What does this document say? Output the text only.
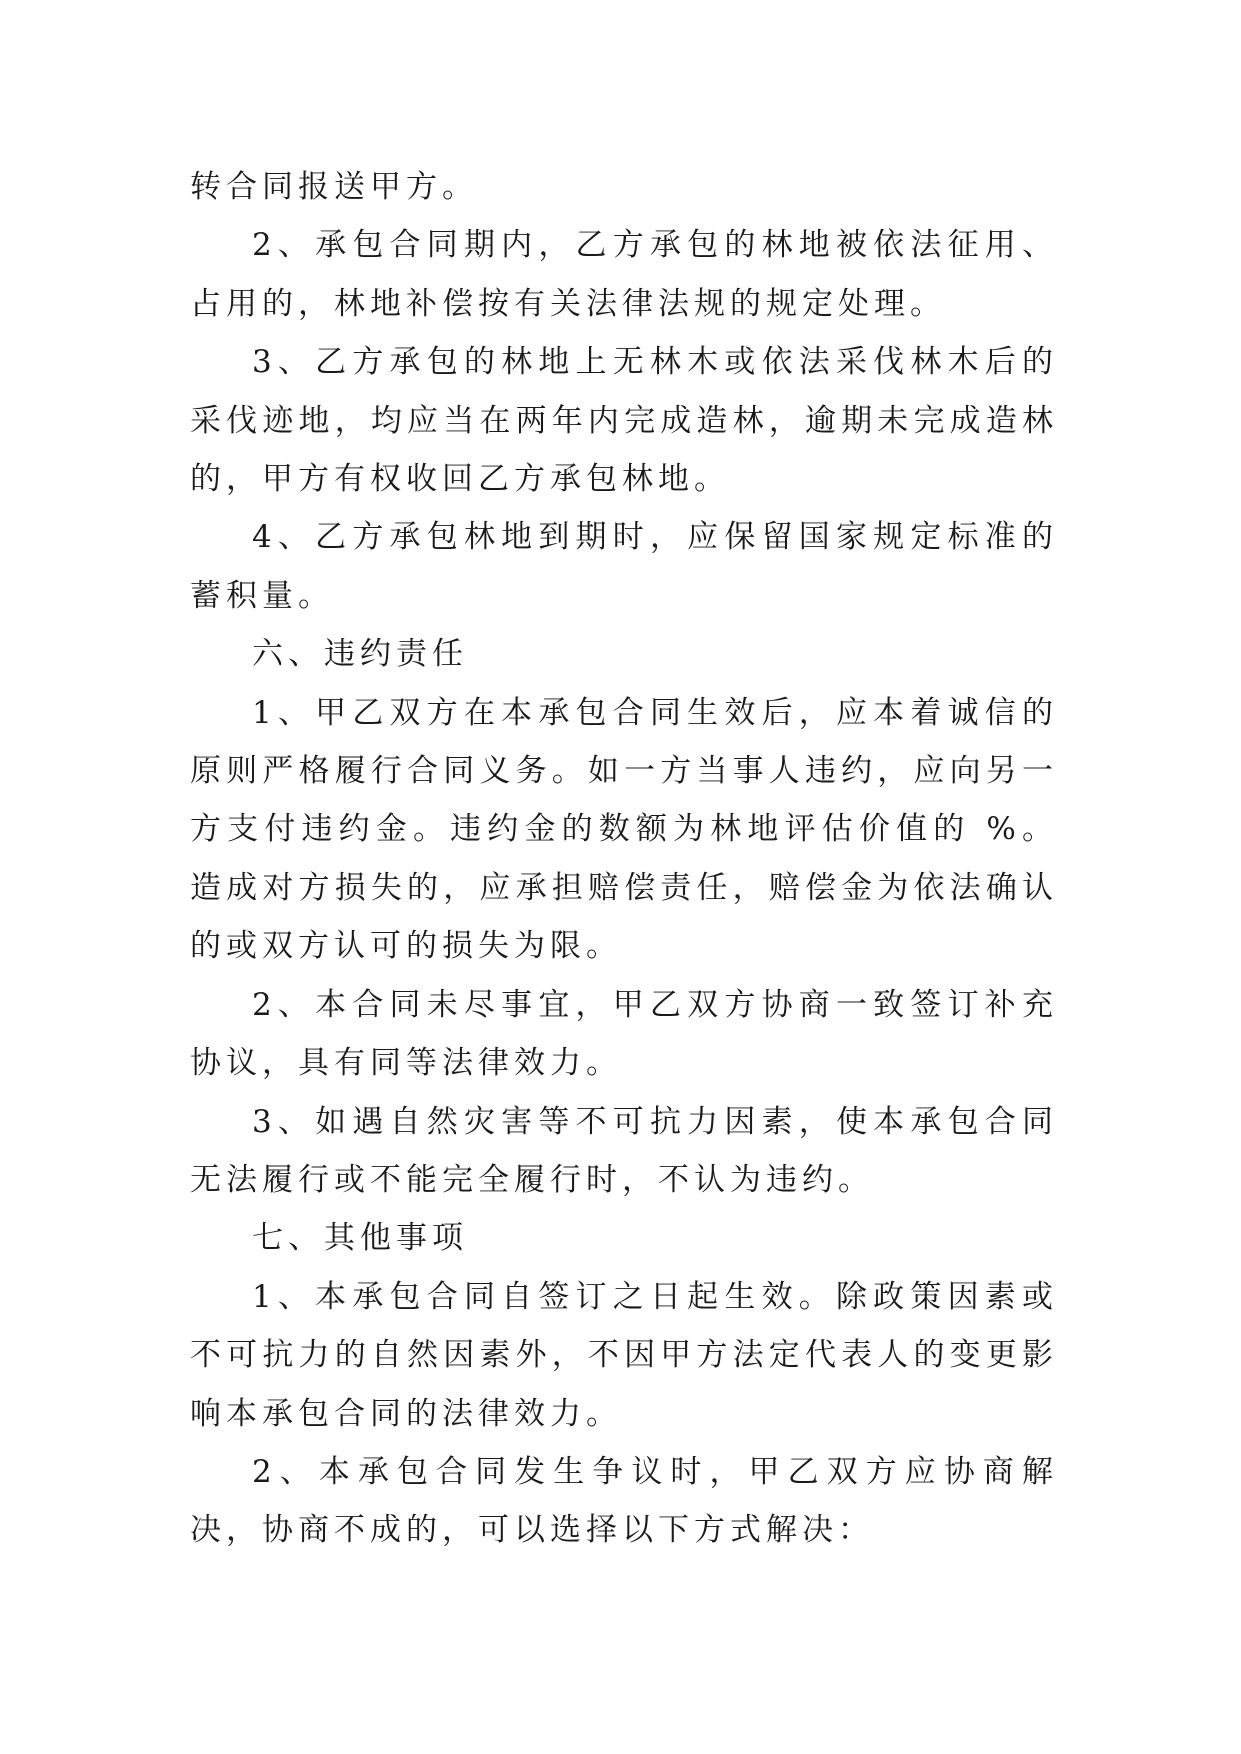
转合同报送甲方。

2、承包合同期内，乙方承包的林地被依法征用、占用的，林地补偿按有关法律法规的规定处理。

3、乙方承包的林地上无林木或依法采伐林木后的采伐迹地，均应当在两年内完成造林，逾期未完成造林的，甲方有权收回乙方承包林地。

4、乙方承包林地到期时，应保留国家规定标准的蓄积量。

六、违约责任

1、甲乙双方在本承包合同生效后，应本着诚信的原则严格履行合同义务。如一方当事人违约，应向另一方支付违约金。违约金的数额为林地评估价值的 %。造成对方损失的，应承担赔偿责任，赔偿金为依法确认的或双方认可的损失为限。

2、本合同未尽事宜，甲乙双方协商一致签订补充协议，具有同等法律效力。

3、如遇自然灾害等不可抗力因素，使本承包合同无法履行或不能完全履行时，不认为违约。

七、其他事项

1、本承包合同自签订之日起生效。除政策因素或不可抗力的自然因素外，不因甲方法定代表人的变更影响本承包合同的法律效力。

2、本承包合同发生争议时，甲乙双方应协商解决，协商不成的，可以选择以下方式解决：
